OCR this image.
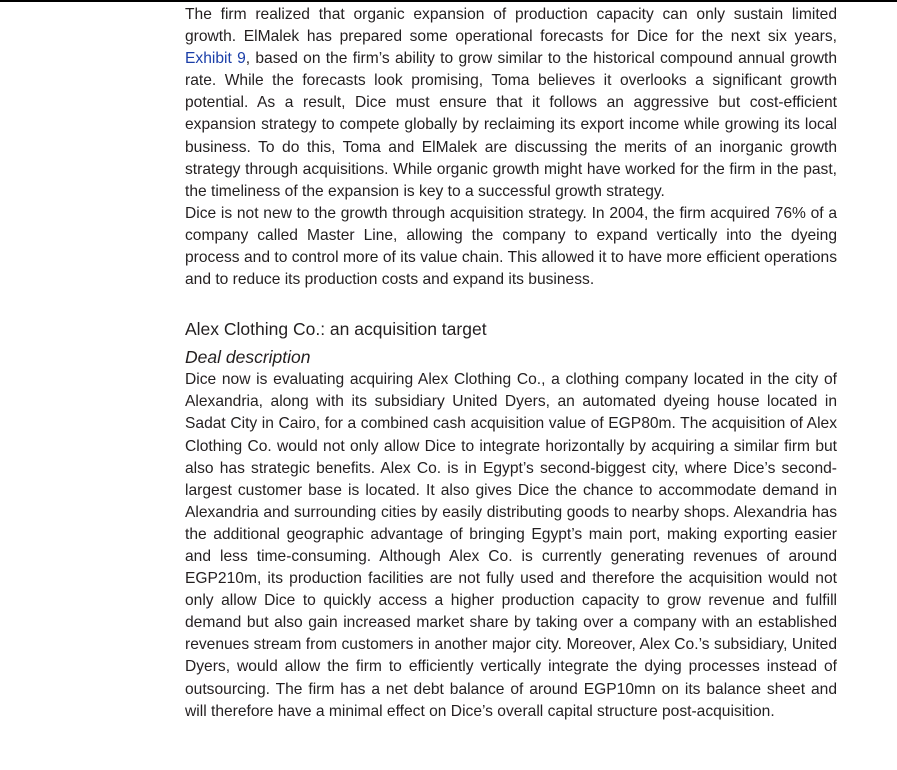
The firm realized that organic expansion of production capacity can only sustain limited growth. ElMalek has prepared some operational forecasts for Dice for the next six years, Exhibit 9, based on the firm’s ability to grow similar to the historical compound annual growth rate. While the forecasts look promising, Toma believes it overlooks a significant growth potential. As a result, Dice must ensure that it follows an aggressive but cost-efficient expansion strategy to compete globally by reclaiming its export income while growing its local business. To do this, Toma and ElMalek are discussing the merits of an inorganic growth strategy through acquisitions. While organic growth might have worked for the firm in the past, the timeliness of the expansion is key to a successful growth strategy.

Dice is not new to the growth through acquisition strategy. In 2004, the firm acquired 76% of a company called Master Line, allowing the company to expand vertically into the dyeing process and to control more of its value chain. This allowed it to have more efficient operations and to reduce its production costs and expand its business.

Alex Clothing Co.: an acquisition target
Deal description

Dice now is evaluating acquiring Alex Clothing Co., a clothing company located in the city of Alexandria, along with its subsidiary United Dyers, an automated dyeing house located in Sadat City in Cairo, for a combined cash acquisition value of EGP80m. The acquisition of Alex Clothing Co. would not only allow Dice to integrate horizontally by acquiring a similar firm but also has strategic benefits. Alex Co. is in Egypt’s second-biggest city, where Dice’s second-largest customer base is located. It also gives Dice the chance to accommodate demand in Alexandria and surrounding cities by easily distributing goods to nearby shops. Alexandria has the additional geographic advantage of bringing Egypt’s main port, making exporting easier and less time-consuming. Although Alex Co. is currently generating revenues of around EGP210m, its production facilities are not fully used and therefore the acquisition would not only allow Dice to quickly access a higher production capacity to grow revenue and fulfill demand but also gain increased market share by taking over a company with an established revenues stream from customers in another major city. Moreover, Alex Co.’s subsidiary, United Dyers, would allow the firm to efficiently vertically integrate the dying processes instead of outsourcing. The firm has a net debt balance of around EGP10mn on its balance sheet and will therefore have a minimal effect on Dice’s overall capital structure post-acquisition.
